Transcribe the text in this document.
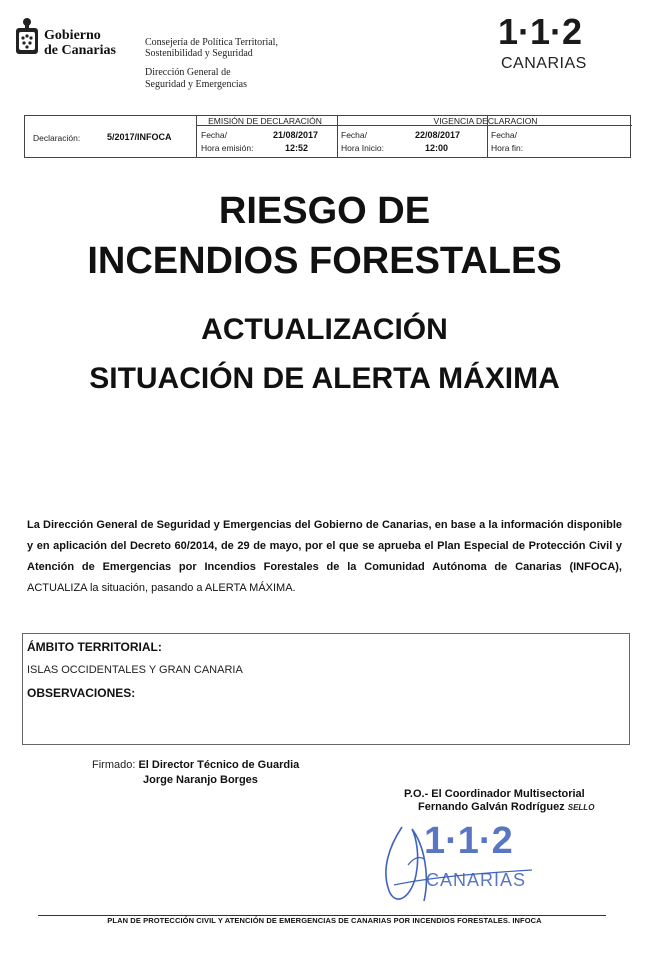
Gobierno
de Canarias
Consejería de Política Territorial,
Sostenibilidad y Seguridad
Dirección General de
Seguridad y Emergencias
1·1·2
CANARIAS
Declaración:	5/2017/INFOCA
EMISIÓN DE DECLARACIÓN	VIGENCIA DECLARACION
Fecha/	21/08/2017
Hora emisión:	12:52
Fecha/	22/08/2017
Hora Inicio:	12:00
Fecha/
Hora fin:
RIESGO DE
INCENDIOS FORESTALES
ACTUALIZACIÓN
SITUACIÓN DE ALERTA MÁXIMA
La Dirección General de Seguridad y Emergencias del Gobierno de Canarias, en base a la información disponible y en aplicación del Decreto 60/2014, de 29 de mayo, por el que se aprueba el Plan Especial de Protección Civil y Atención de Emergencias por Incendios Forestales de la Comunidad Autónoma de Canarias (INFOCA), ACTUALIZA la situación, pasando a ALERTA MÁXIMA.
ÁMBITO TERRITORIAL:
ISLAS OCCIDENTALES Y GRAN CANARIA
OBSERVACIONES:
Firmado: El Director Técnico de Guardia
Jorge Naranjo Borges
P.O.- El Coordinador Multisectorial
Fernando Galván Rodríguez SELLO
1·1·2
CANARIAS
PLAN DE PROTECCIÓN CIVIL Y ATENCIÓN DE EMERGENCIAS DE CANARIAS POR INCENDIOS FORESTALES. INFOCA
